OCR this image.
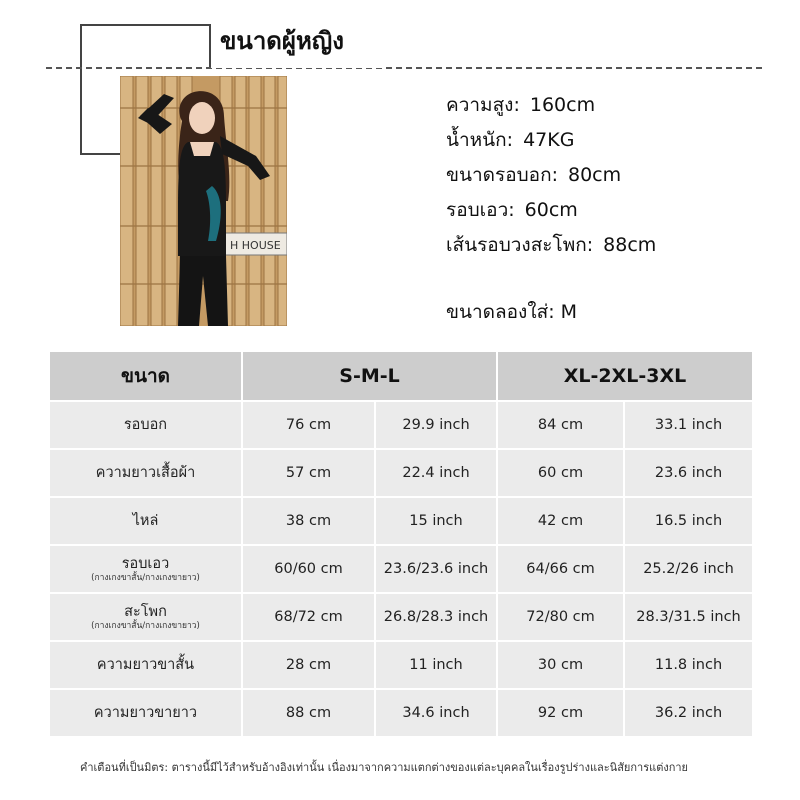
ขนาดผู้หญิง
H HOUSE
ความสูง: 160cm
น้ำหนัก: 47KG
ขนาดรอบอก: 80cm
รอบเอว: 60cm
เส้นรอบวงสะโพก: 88cm
ขนาดลองใส่: M
ขนาด	S-M-L		XL-2XL-3XL	

รอบอก	76 cm	29.9 inch	84 cm	33.1 inch

ความยาวเสื้อผ้า	57 cm	22.4 inch	60 cm	23.6 inch

ไหล่	38 cm	15 inch	42 cm	16.5 inch

รอบเอว
(กางเกงขาสั้น/กางเกงขายาว)	60/60 cm	23.6/23.6 inch	64/66 cm	25.2/26 inch

สะโพก
(กางเกงขาสั้น/กางเกงขายาว)	68/72 cm	26.8/28.3 inch	72/80 cm	28.3/31.5 inch

ความยาวขาสั้น	28 cm	11 inch	30 cm	11.8 inch

ความยาวขายาว	88 cm	34.6 inch	92 cm	36.2 inch
คำเตือนที่เป็นมิตร: ตารางนี้มีไว้สำหรับอ้างอิงเท่านั้น เนื่องมาจากความแตกต่างของแต่ละบุคคลในเรื่องรูปร่างและนิสัยการแต่งกาย
